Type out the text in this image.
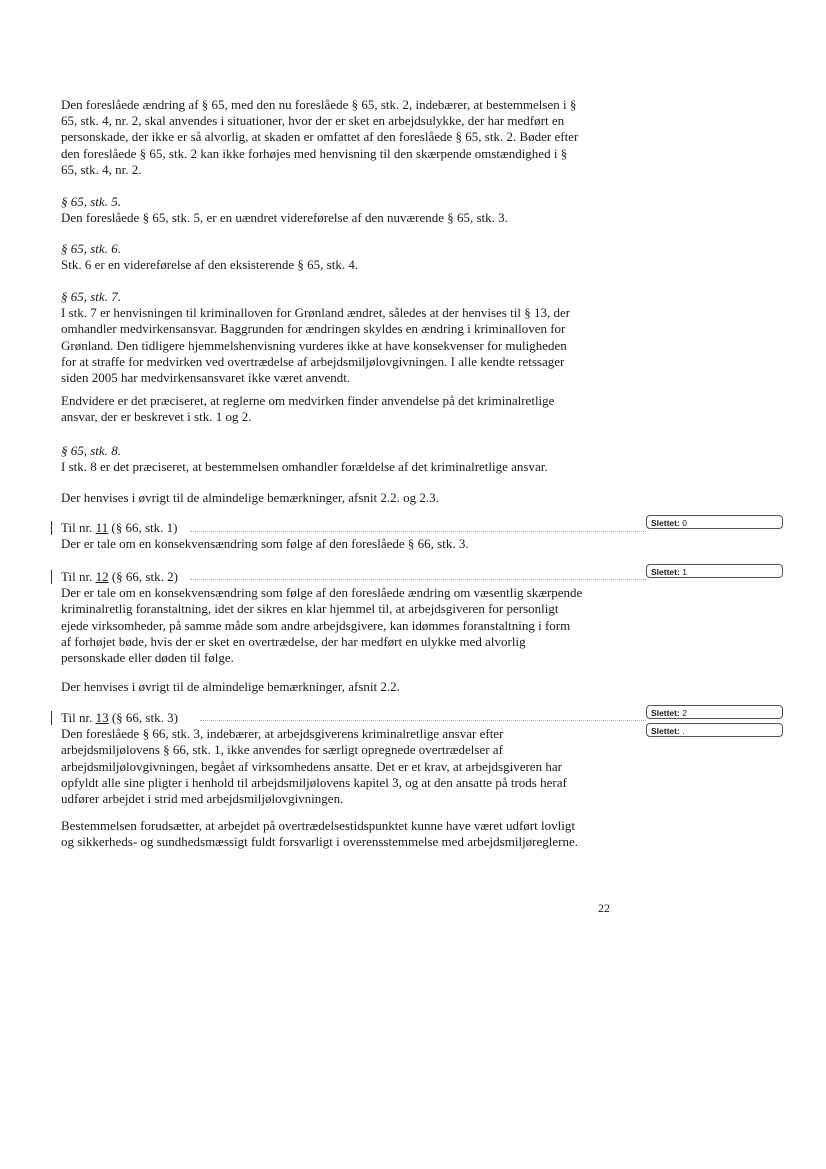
Den foreslåede ændring af § 65, med den nu foreslåede § 65, stk. 2, indebærer, at bestemmelsen i §
65, stk. 4, nr. 2, skal anvendes i situationer, hvor der er sket en arbejdsulykke, der har medført en
personskade, der ikke er så alvorlig, at skaden er omfattet af den foreslåede § 65, stk. 2. Bøder efter
den foreslåede § 65, stk. 2 kan ikke forhøjes med henvisning til den skærpende omstændighed i §
65, stk. 4, nr. 2.
§ 65, stk. 5.
Den foreslåede § 65, stk. 5, er en uændret videreførelse af den nuværende § 65, stk. 3.
§ 65, stk. 6.
Stk. 6 er en videreførelse af den eksisterende § 65, stk. 4.
§ 65, stk. 7.
I stk. 7 er henvisningen til kriminalloven for Grønland ændret, således at der henvises til § 13, der
omhandler medvirkensansvar. Baggrunden for ændringen skyldes en ændring i kriminalloven for
Grønland. Den tidligere hjemmelshenvisning vurderes ikke at have konsekvenser for muligheden
for at straffe for medvirken ved overtrædelse af arbejdsmiljølovgivningen. I alle kendte retssager
siden 2005 har medvirkensansvaret ikke været anvendt.
Endvidere er det præciseret, at reglerne om medvirken finder anvendelse på det kriminalretlige
ansvar, der er beskrevet i stk. 1 og 2.
§ 65, stk. 8.
I stk. 8 er det præciseret, at bestemmelsen omhandler forældelse af det kriminalretlige ansvar.
Der henvises i øvrigt til de almindelige bemærkninger, afsnit 2.2. og 2.3.
Til nr. 11 (§ 66, stk. 1)
Der er tale om en konsekvensændring som følge af den foreslåede § 66, stk. 3.
Slettet: 0
Til nr. 12 (§ 66, stk. 2)
Der er tale om en konsekvensændring som følge af den foreslåede ændring om væsentlig skærpende
kriminalretlig foranstaltning, idet der sikres en klar hjemmel til, at arbejdsgiveren for personligt
ejede virksomheder, på samme måde som andre arbejdsgivere, kan idømmes foranstaltning i form
af forhøjet bøde, hvis der er sket en overtrædelse, der har medført en ulykke med alvorlig
personskade eller døden til følge.
Slettet: 1
Der henvises i øvrigt til de almindelige bemærkninger, afsnit 2.2.
Til nr. 13 (§ 66, stk. 3)
Den foreslåede § 66, stk. 3, indebærer, at arbejdsgiverens kriminalretlige ansvar efter
arbejdsmiljølovens § 66, stk. 1, ikke anvendes for særligt opregnede overtrædelser af
arbejdsmiljølovgivningen, begået af virksomhedens ansatte. Det er et krav, at arbejdsgiveren har
opfyldt alle sine pligter i henhold til arbejdsmiljølovens kapitel 3, og at den ansatte på trods heraf
udfører arbejdet i strid med arbejdsmiljølovgivningen.
Slettet: 2
Slettet: .
Bestemmelsen forudsætter, at arbejdet på overtrædelsestidspunktet kunne have været udført lovligt
og sikkerheds- og sundhedsmæssigt fuldt forsvarligt i overensstemmelse med arbejdsmiljøreglerne.
22
